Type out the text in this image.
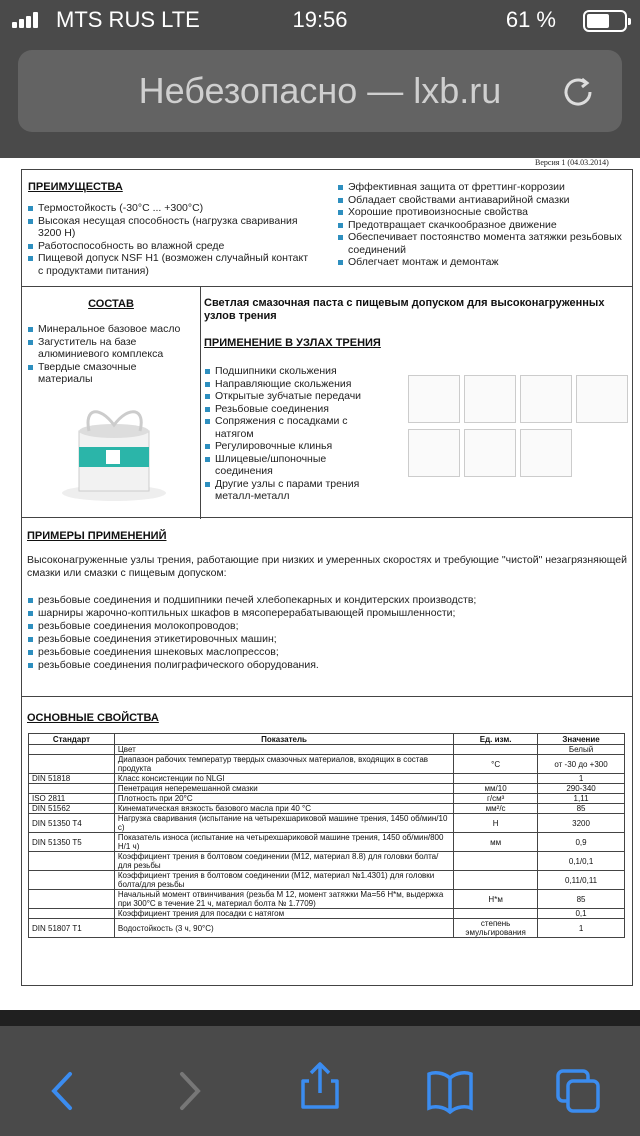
MTS RUS LTE	19:56	61 %
Небезопасно — lxb.ru
Версия 1 (04.03.2014)
ПРЕИМУЩЕСТВА
Термостойкость (-30°C ... +300°C)
Высокая несущая способность (нагрузка сваривания 3200 Н)
Работоспособность во влажной среде
Пищевой допуск NSF H1 (возможен случайный контакт с продуктами питания)
Эффективная защита от фреттинг-коррозии
Обладает свойствами антиаварийной смазки
Хорошие противоизносные свойства
Предотвращает скачкообразное движение
Обеспечивает постоянство момента затяжки резьбовых соединений
Облегчает монтаж и демонтаж
СОСТАВ
Минеральное базовое масло
Загуститель на базе алюминиевого комплекса
Твердые смазочные материалы
Светлая смазочная паста с пищевым допуском для высоконагруженных узлов трения
ПРИМЕНЕНИЕ В УЗЛАХ ТРЕНИЯ
Подшипники скольжения
Направляющие скольжения
Открытые зубчатые передачи
Резьбовые соединения
Сопряжения с посадками с натягом
Регулировочные клинья
Шлицевые/шпоночные соединения
Другие узлы с парами трения металл-металл
ПРИМЕРЫ ПРИМЕНЕНИЙ
Высоконагруженные узлы трения, работающие при низких и умеренных скоростях и требующие "чистой" незагрязняющей смазки или смазки с пищевым допуском:
резьбовые соединения и подшипники печей хлебопекарных и кондитерских производств;
шарниры жарочно-коптильных шкафов в мясоперерабатывающей промышленности;
резьбовые соединения молокопроводов;
резьбовые соединения этикетировочных машин;
резьбовые соединения шнековых маслопрессов;
резьбовые соединения полиграфического оборудования.
ОСНОВНЫЕ СВОЙСТВА
Стандарт	Показатель	Ед. изм.	Значение
	Цвет		Белый
	Диапазон рабочих температур твердых смазочных материалов, входящих в состав продукта	°C	от -30 до +300
DIN 51818	Класс консистенции по NLGI		1
	Пенетрация неперемешанной смазки	мм/10	290-340
ISO 2811	Плотность при 20°C	г/см³	1,11
DIN 51562	Кинематическая вязкость базового масла при 40 °C	мм²/с	85
DIN 51350 T4	Нагрузка сваривания (испытание на четырехшариковой машине трения, 1450 об/мин/10 с)	Н	3200
DIN 51350 T5	Показатель износа (испытание на четырехшариковой машине трения, 1450 об/мин/800 Н/1 ч)	мм	0,9
	Коэффициент трения в болтовом соединении (М12, материал 8.8) для головки болта/для резьбы		0,1/0,1
	Коэффициент трения в болтовом соединении (М12, материал №1.4301) для головки болта/для резьбы		0,11/0,11
	Начальный момент отвинчивания (резьба М 12, момент затяжки Ма=56 Н*м, выдержка при 300°C в течение 21 ч, материал болта № 1.7709)	Н*м	85
	Коэффициент трения для посадки с натягом		0,1
DIN 51807 T1	Водостойкость (3 ч, 90°C)	степень эмульгирования	1
